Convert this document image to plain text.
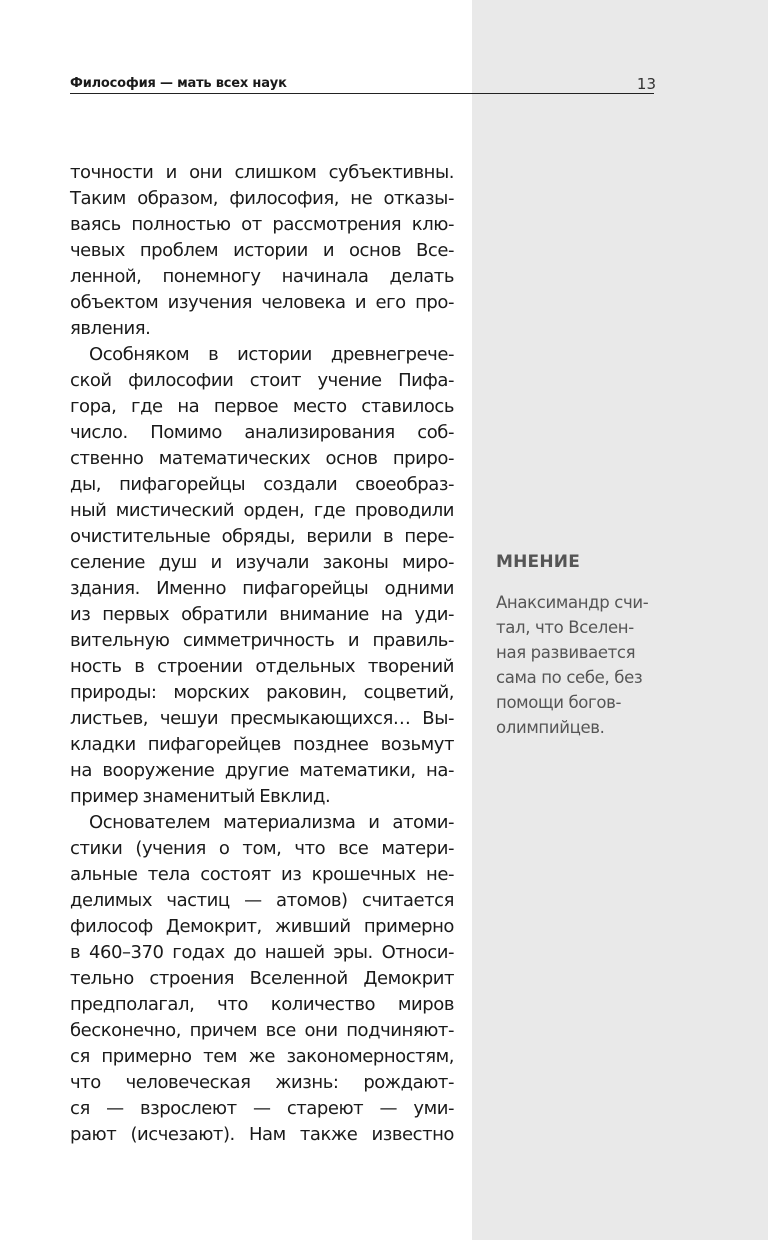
Философия — мать всех наук	13
точности и они слишком субъективны.
Таким образом, философия, не отказы-
ваясь полностью от рассмотрения клю-
чевых проблем истории и основ Все-
ленной, понемногу начинала делать
объектом изучения человека и его про-
явления.
Особняком в истории древнегрече-
ской философии стоит учение Пифа-
гора, где на первое место ставилось
число. Помимо анализирования соб-
ственно математических основ приро-
ды, пифагорейцы создали своеобраз-
ный мистический орден, где проводили
очистительные обряды, верили в пере-
селение душ и изучали законы миро-
здания. Именно пифагорейцы одними
из первых обратили внимание на уди-
вительную симметричность и правиль-
ность в строении отдельных творений
природы: морских раковин, соцветий,
листьев, чешуи пресмыкающихся… Вы-
кладки пифагорейцев позднее возьмут
на вооружение другие математики, на-
пример знаменитый Евклид.
Основателем материализма и атоми-
стики (учения о том, что все матери-
альные тела состоят из крошечных не-
делимых частиц — атомов) считается
философ Демокрит, живший примерно
в 460–370 годах до нашей эры. Относи-
тельно строения Вселенной Демокрит
предполагал, что количество миров
бесконечно, причем все они подчиняют-
ся примерно тем же закономерностям,
что человеческая жизнь: рождают-
ся — взрослеют — стареют — уми-
рают (исчезают). Нам также известно
МНЕНИЕ
Анаксимандр счи-
тал, что Вселен-
ная развивается
сама по себе, без
помощи богов-
олимпийцев.
